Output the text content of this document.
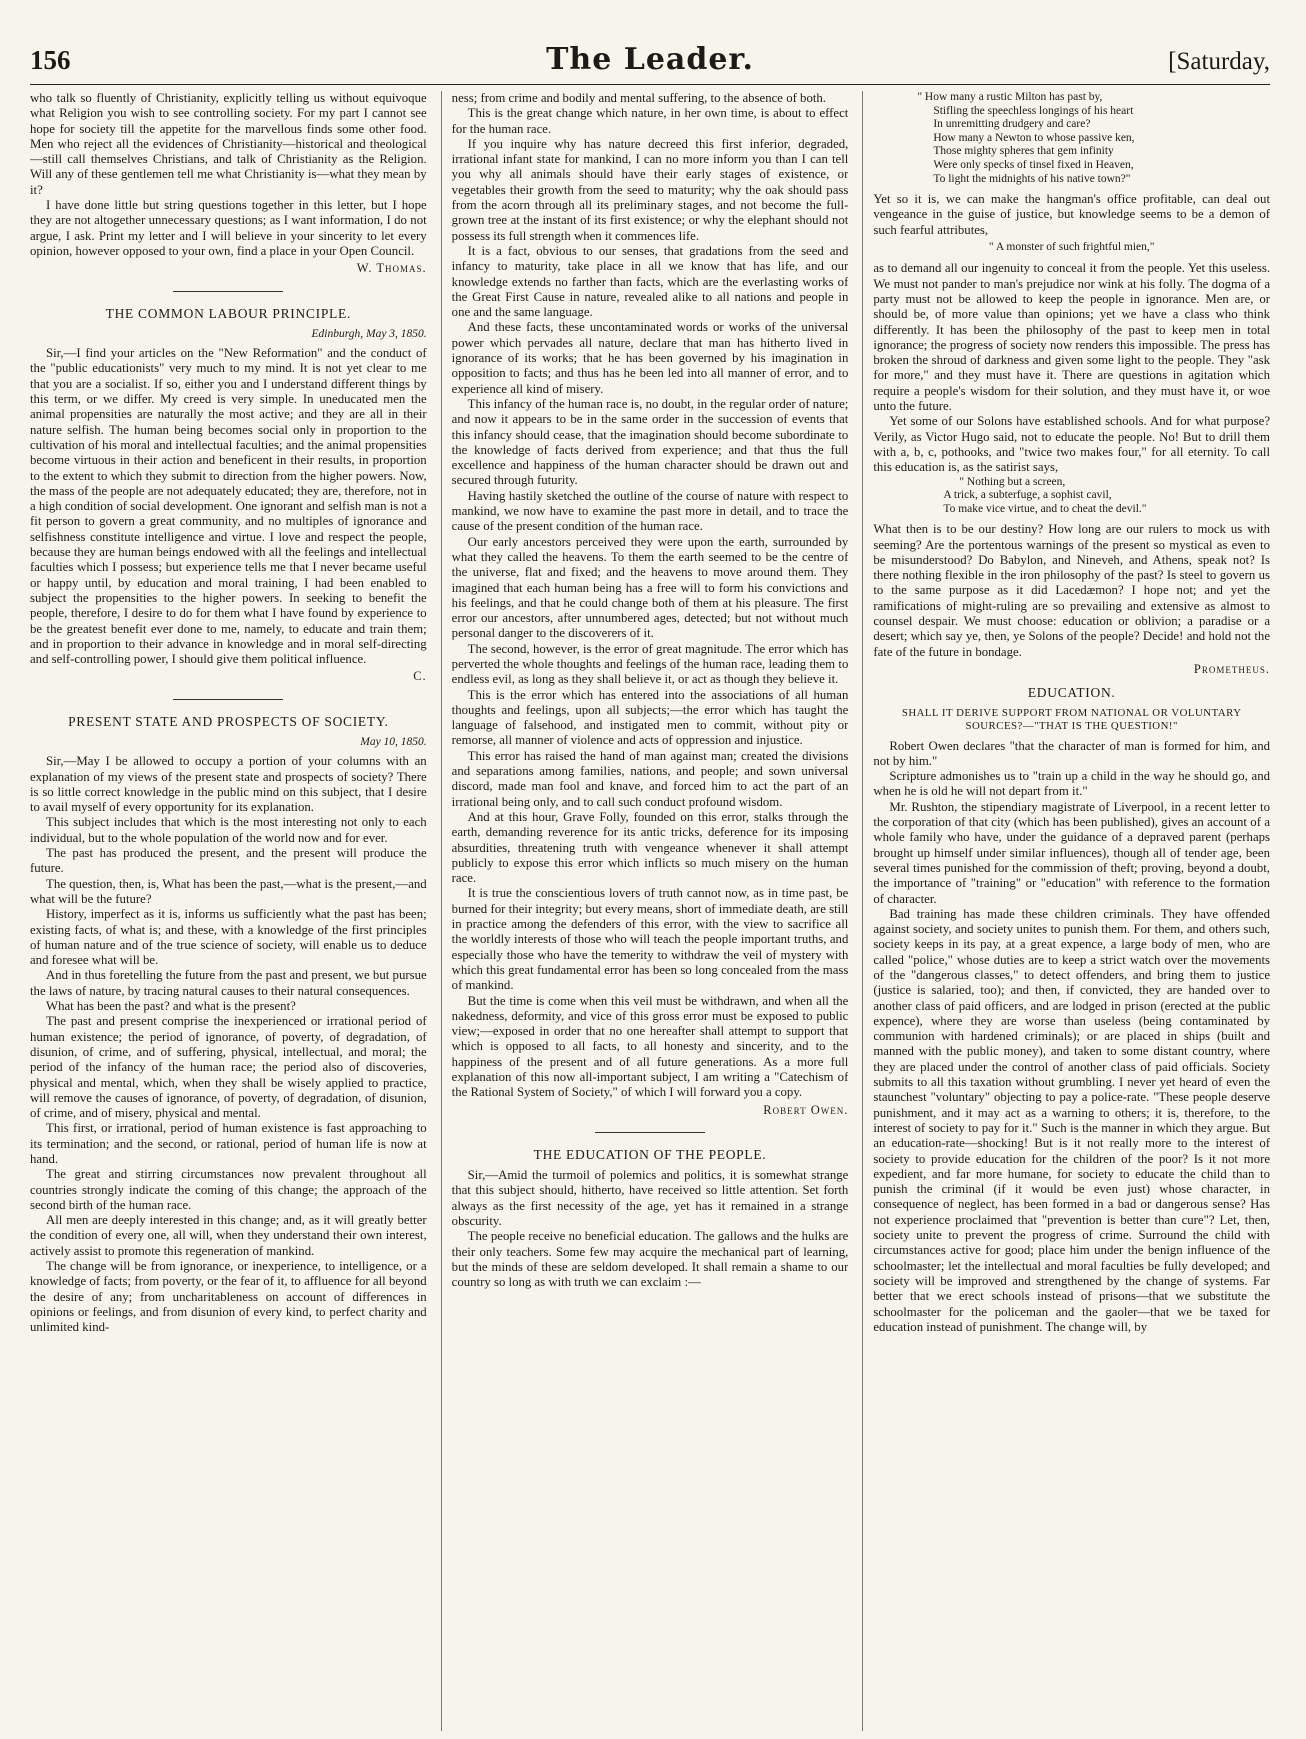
156	The Leader.	[Saturday,

who talk so fluently of Christianity, explicitly telling us without equivoque what Religion you wish to see controlling society. For my part I cannot see hope for society till the appetite for the marvellous finds some other food. Men who reject all the evidences of Christianity—historical and theological—still call themselves Christians, and talk of Christianity as the Religion. Will any of these gentlemen tell me what Christianity is—what they mean by it?

I have done little but string questions together in this letter, but I hope they are not altogether unnecessary questions; as I want information, I do not argue, I ask. Print my letter and I will believe in your sincerity to let every opinion, however opposed to your own, find a place in your Open Council.

W. Thomas.
THE COMMON LABOUR PRINCIPLE.
Edinburgh, May 3, 1850.

Sir,—I find your articles on the "New Reformation" and the conduct of the "public educationists" very much to my mind. It is not yet clear to me that you are a socialist. If so, either you and I understand different things by this term, or we differ. My creed is very simple. In uneducated men the animal propensities are naturally the most active; and they are all in their nature selfish. The human being becomes social only in proportion to the cultivation of his moral and intellectual faculties; and the animal propensities become virtuous in their action and beneficent in their results, in proportion to the extent to which they submit to direction from the higher powers. Now, the mass of the people are not adequately educated; they are, therefore, not in a high condition of social development. One ignorant and selfish man is not a fit person to govern a great community, and no multiples of ignorance and selfishness constitute intelligence and virtue. I love and respect the people, because they are human beings endowed with all the feelings and intellectual faculties which I possess; but experience tells me that I never became useful or happy until, by education and moral training, I had been enabled to subject the propensities to the higher powers. In seeking to benefit the people, therefore, I desire to do for them what I have found by experience to be the greatest benefit ever done to me, namely, to educate and train them; and in proportion to their advance in knowledge and in moral self-directing and self-controlling power, I should give them political influence.

C.
PRESENT STATE AND PROSPECTS OF SOCIETY.
May 10, 1850.

Sir,—May I be allowed to occupy a portion of your columns with an explanation of my views of the present state and prospects of society? There is so little correct knowledge in the public mind on this subject, that I desire to avail myself of every opportunity for its explanation.

This subject includes that which is the most interesting not only to each individual, but to the whole population of the world now and for ever.

The past has produced the present, and the present will produce the future.

The question, then, is, What has been the past,—what is the present,—and what will be the future?

History, imperfect as it is, informs us sufficiently what the past has been; existing facts, of what is; and these, with a knowledge of the first principles of human nature and of the true science of society, will enable us to deduce and foresee what will be.

And in thus foretelling the future from the past and present, we but pursue the laws of nature, by tracing natural causes to their natural consequences.

What has been the past? and what is the present?

The past and present comprise the inexperienced or irrational period of human existence; the period of ignorance, of poverty, of degradation, of disunion, of crime, and of suffering, physical, intellectual, and moral; the period of the infancy of the human race; the period also of discoveries, physical and mental, which, when they shall be wisely applied to practice, will remove the causes of ignorance, of poverty, of degradation, of disunion, of crime, and of misery, physical and mental.

This first, or irrational, period of human existence is fast approaching to its termination; and the second, or rational, period of human life is now at hand.

The great and stirring circumstances now prevalent throughout all countries strongly indicate the coming of this change; the approach of the second birth of the human race.

All men are deeply interested in this change; and, as it will greatly better the condition of every one, all will, when they understand their own interest, actively assist to promote this regeneration of mankind.

The change will be from ignorance, or inexperience, to intelligence, or a knowledge of facts; from poverty, or the fear of it, to affluence for all beyond the desire of any; from uncharitableness on account of differences in opinions or feelings, and from disunion of every kind, to perfect charity and unlimited kind-

ness; from crime and bodily and mental suffering, to the absence of both.

This is the great change which nature, in her own time, is about to effect for the human race.

If you inquire why has nature decreed this first inferior, degraded, irrational infant state for mankind, I can no more inform you than I can tell you why all animals should have their early stages of existence, or vegetables their growth from the seed to maturity; why the oak should pass from the acorn through all its preliminary stages, and not become the full-grown tree at the instant of its first existence; or why the elephant should not possess its full strength when it commences life.

It is a fact, obvious to our senses, that gradations from the seed and infancy to maturity, take place in all we know that has life, and our knowledge extends no farther than facts, which are the everlasting works of the Great First Cause in nature, revealed alike to all nations and people in one and the same language.

And these facts, these uncontaminated words or works of the universal power which pervades all nature, declare that man has hitherto lived in ignorance of its works; that he has been governed by his imagination in opposition to facts; and thus has he been led into all manner of error, and to experience all kind of misery.

This infancy of the human race is, no doubt, in the regular order of nature; and now it appears to be in the same order in the succession of events that this infancy should cease, that the imagination should become subordinate to the knowledge of facts derived from experience; and that thus the full excellence and happiness of the human character should be drawn out and secured through futurity.

Having hastily sketched the outline of the course of nature with respect to mankind, we now have to examine the past more in detail, and to trace the cause of the present condition of the human race.

Our early ancestors perceived they were upon the earth, surrounded by what they called the heavens. To them the earth seemed to be the centre of the universe, flat and fixed; and the heavens to move around them. They imagined that each human being has a free will to form his convictions and his feelings, and that he could change both of them at his pleasure. The first error our ancestors, after unnumbered ages, detected; but not without much personal danger to the discoverers of it.

The second, however, is the error of great magnitude. The error which has perverted the whole thoughts and feelings of the human race, leading them to endless evil, as long as they shall believe it, or act as though they believe it.

This is the error which has entered into the associations of all human thoughts and feelings, upon all subjects;—the error which has taught the language of falsehood, and instigated men to commit, without pity or remorse, all manner of violence and acts of oppression and injustice.

This error has raised the hand of man against man; created the divisions and separations among families, nations, and people; and sown universal discord, made man fool and knave, and forced him to act the part of an irrational being only, and to call such conduct profound wisdom.

And at this hour, Grave Folly, founded on this error, stalks through the earth, demanding reverence for its antic tricks, deference for its imposing absurdities, threatening truth with vengeance whenever it shall attempt publicly to expose this error which inflicts so much misery on the human race.

It is true the conscientious lovers of truth cannot now, as in time past, be burned for their integrity; but every means, short of immediate death, are still in practice among the defenders of this error, with the view to sacrifice all the worldly interests of those who will teach the people important truths, and especially those who have the temerity to withdraw the veil of mystery with which this great fundamental error has been so long concealed from the mass of mankind.

But the time is come when this veil must be withdrawn, and when all the nakedness, deformity, and vice of this gross error must be exposed to public view;—exposed in order that no one hereafter shall attempt to support that which is opposed to all facts, to all honesty and sincerity, and to the happiness of the present and of all future generations. As a more full explanation of this now all-important subject, I am writing a "Catechism of the Rational System of Society," of which I will forward you a copy.

Robert Owen.
THE EDUCATION OF THE PEOPLE.

Sir,—Amid the turmoil of polemics and politics, it is somewhat strange that this subject should, hitherto, have received so little attention. Set forth always as the first necessity of the age, yet has it remained in a strange obscurity.

The people receive no beneficial education. The gallows and the hulks are their only teachers. Some few may acquire the mechanical part of learning, but the minds of these are seldom developed. It shall remain a shame to our country so long as with truth we can exclaim :—

" How many a rustic Milton has past by,
Stifling the speechless longings of his heart
In unremitting drudgery and care?
How many a Newton to whose passive ken,
Those mighty spheres that gem infinity
Were only specks of tinsel fixed in Heaven,
To light the midnights of his native town?"

Yet so it is, we can make the hangman's office profitable, can deal out vengeance in the guise of justice, but knowledge seems to be a demon of such fearful attributes,

" A monster of such frightful mien,"

as to demand all our ingenuity to conceal it from the people. Yet this useless. We must not pander to man's prejudice nor wink at his folly. The dogma of a party must not be allowed to keep the people in ignorance. Men are, or should be, of more value than opinions; yet we have a class who think differently. It has been the philosophy of the past to keep men in total ignorance; the progress of society now renders this impossible. The press has broken the shroud of darkness and given some light to the people. They "ask for more," and they must have it. There are questions in agitation which require a people's wisdom for their solution, and they must have it, or woe unto the future.

Yet some of our Solons have established schools. And for what purpose? Verily, as Victor Hugo said, not to educate the people. No! But to drill them with a, b, c, pothooks, and "twice two makes four," for all eternity. To call this education is, as the satirist says,

" Nothing but a screen,
A trick, a subterfuge, a sophist cavil,
To make vice virtue, and to cheat the devil."

What then is to be our destiny? How long are our rulers to mock us with seeming? Are the portentous warnings of the present so mystical as even to be misunderstood? Do Babylon, and Nineveh, and Athens, speak not? Is there nothing flexible in the iron philosophy of the past? Is steel to govern us to the same purpose as it did Lacedæmon? I hope not; and yet the ramifications of might-ruling are so prevailing and extensive as almost to counsel despair. We must choose: education or oblivion; a paradise or a desert; which say ye, then, ye Solons of the people? Decide! and hold not the fate of the future in bondage.

Prometheus.
EDUCATION.
SHALL IT DERIVE SUPPORT FROM NATIONAL OR VOLUNTARY SOURCES?—"THAT IS THE QUESTION!"

Robert Owen declares "that the character of man is formed for him, and not by him."

Scripture admonishes us to "train up a child in the way he should go, and when he is old he will not depart from it."

Mr. Rushton, the stipendiary magistrate of Liverpool, in a recent letter to the corporation of that city (which has been published), gives an account of a whole family who have, under the guidance of a depraved parent (perhaps brought up himself under similar influences), though all of tender age, been several times punished for the commission of theft; proving, beyond a doubt, the importance of "training" or "education" with reference to the formation of character.

Bad training has made these children criminals. They have offended against society, and society unites to punish them. For them, and others such, society keeps in its pay, at a great expence, a large body of men, who are called "police," whose duties are to keep a strict watch over the movements of the "dangerous classes," to detect offenders, and bring them to justice (justice is salaried, too); and then, if convicted, they are handed over to another class of paid officers, and are lodged in prison (erected at the public expence), where they are worse than useless (being contaminated by communion with hardened criminals); or are placed in ships (built and manned with the public money), and taken to some distant country, where they are placed under the control of another class of paid officials. Society submits to all this taxation without grumbling. I never yet heard of even the staunchest "voluntary" objecting to pay a police-rate. "These people deserve punishment, and it may act as a warning to others; it is, therefore, to the interest of society to pay for it." Such is the manner in which they argue. But an education-rate—shocking! But is it not really more to the interest of society to provide education for the children of the poor? Is it not more expedient, and far more humane, for society to educate the child than to punish the criminal (if it would be even just) whose character, in consequence of neglect, has been formed in a bad or dangerous sense? Has not experience proclaimed that "prevention is better than cure"? Let, then, society unite to prevent the progress of crime. Surround the child with circumstances active for good; place him under the benign influence of the schoolmaster; let the intellectual and moral faculties be fully developed; and society will be improved and strengthened by the change of systems. Far better that we erect schools instead of prisons—that we substitute the schoolmaster for the policeman and the gaoler—that we be taxed for education instead of punishment. The change will, by
